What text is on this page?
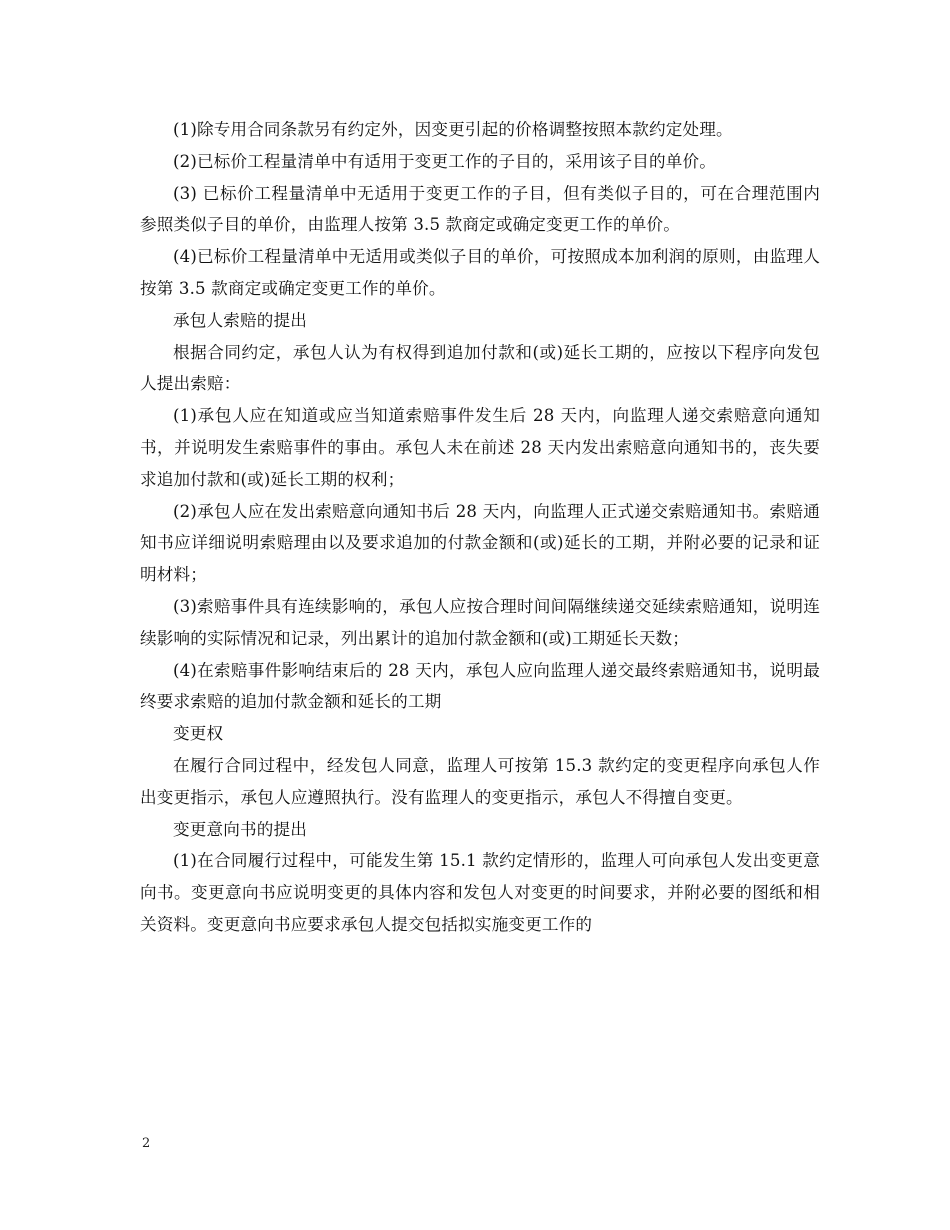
(1)除专用合同条款另有约定外，因变更引起的价格调整按照本款约定处理。

(2)已标价工程量清单中有适用于变更工作的子目的，采用该子目的单价。

(3) 已标价工程量清单中无适用于变更工作的子目，但有类似子目的，可在合理范围内参照类似子目的单价，由监理人按第 3.5 款商定或确定变更工作的单价。

(4)已标价工程量清单中无适用或类似子目的单价，可按照成本加利润的原则，由监理人按第 3.5 款商定或确定变更工作的单价。

承包人索赔的提出

根据合同约定，承包人认为有权得到追加付款和(或)延长工期的，应按以下程序向发包人提出索赔：

(1)承包人应在知道或应当知道索赔事件发生后 28 天内，向监理人递交索赔意向通知书，并说明发生索赔事件的事由。承包人未在前述 28 天内发出索赔意向通知书的，丧失要求追加付款和(或)延长工期的权利；

(2)承包人应在发出索赔意向通知书后 28 天内，向监理人正式递交索赔通知书。索赔通知书应详细说明索赔理由以及要求追加的付款金额和(或)延长的工期，并附必要的记录和证明材料；

(3)索赔事件具有连续影响的，承包人应按合理时间间隔继续递交延续索赔通知，说明连续影响的实际情况和记录，列出累计的追加付款金额和(或)工期延长天数；

(4)在索赔事件影响结束后的 28 天内，承包人应向监理人递交最终索赔通知书，说明最终要求索赔的追加付款金额和延长的工期

变更权

在履行合同过程中，经发包人同意，监理人可按第 15.3 款约定的变更程序向承包人作出变更指示，承包人应遵照执行。没有监理人的变更指示，承包人不得擅自变更。

变更意向书的提出

(1)在合同履行过程中，可能发生第 15.1 款约定情形的，监理人可向承包人发出变更意向书。变更意向书应说明变更的具体内容和发包人对变更的时间要求，并附必要的图纸和相关资料。变更意向书应要求承包人提交包括拟实施变更工作的

2
